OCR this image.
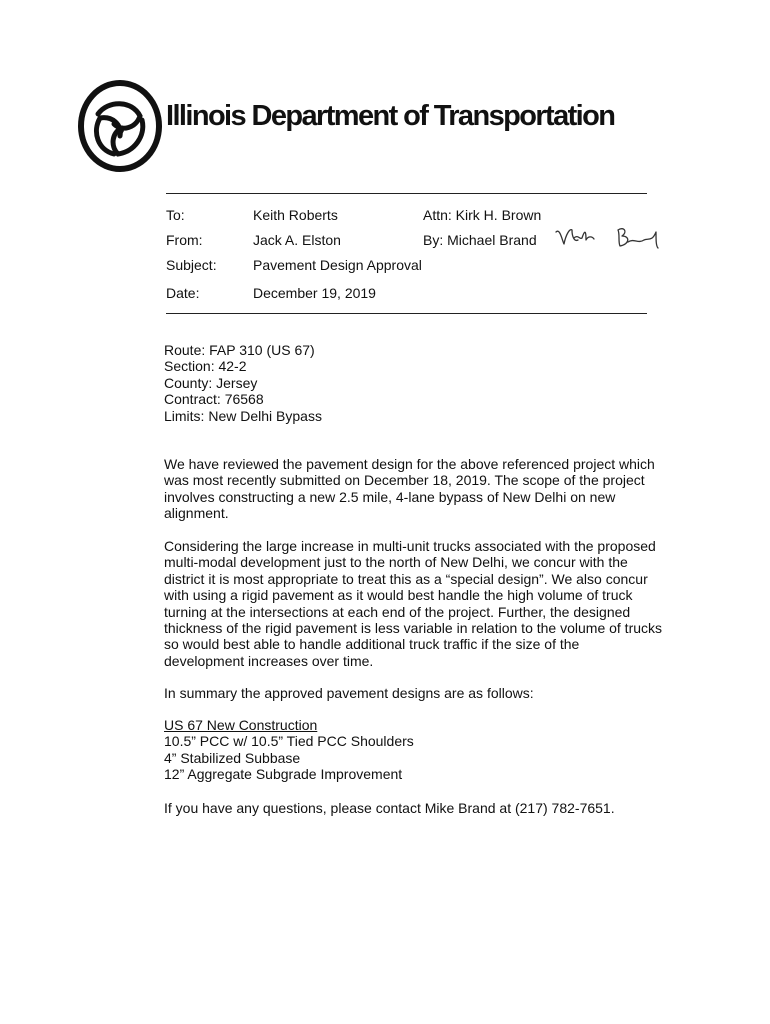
Illinois Department of Transportation
To:	Keith Roberts	Attn: Kirk H. Brown
From:	Jack A. Elston	By: Michael Brand
Subject:	Pavement Design Approval
Date:	December 19, 2019

Route: FAP 310 (US 67)

Section: 42-2

County: Jersey

Contract: 76568

Limits: New Delhi Bypass

We have reviewed the pavement design for the above referenced project which

was most recently submitted on December 18, 2019. The scope of the project

involves constructing a new 2.5 mile, 4-lane bypass of New Delhi on new

alignment.

Considering the large increase in multi-unit trucks associated with the proposed

multi-modal development just to the north of New Delhi, we concur with the

district it is most appropriate to treat this as a “special design”. We also concur

with using a rigid pavement as it would best handle the high volume of truck

turning at the intersections at each end of the project. Further, the designed

thickness of the rigid pavement is less variable in relation to the volume of trucks

so would best able to handle additional truck traffic if the size of the

development increases over time.

In summary the approved pavement designs are as follows:

US 67 New Construction

10.5” PCC w/ 10.5” Tied PCC Shoulders

4” Stabilized Subbase

12” Aggregate Subgrade Improvement

If you have any questions, please contact Mike Brand at (217) 782-7651.
